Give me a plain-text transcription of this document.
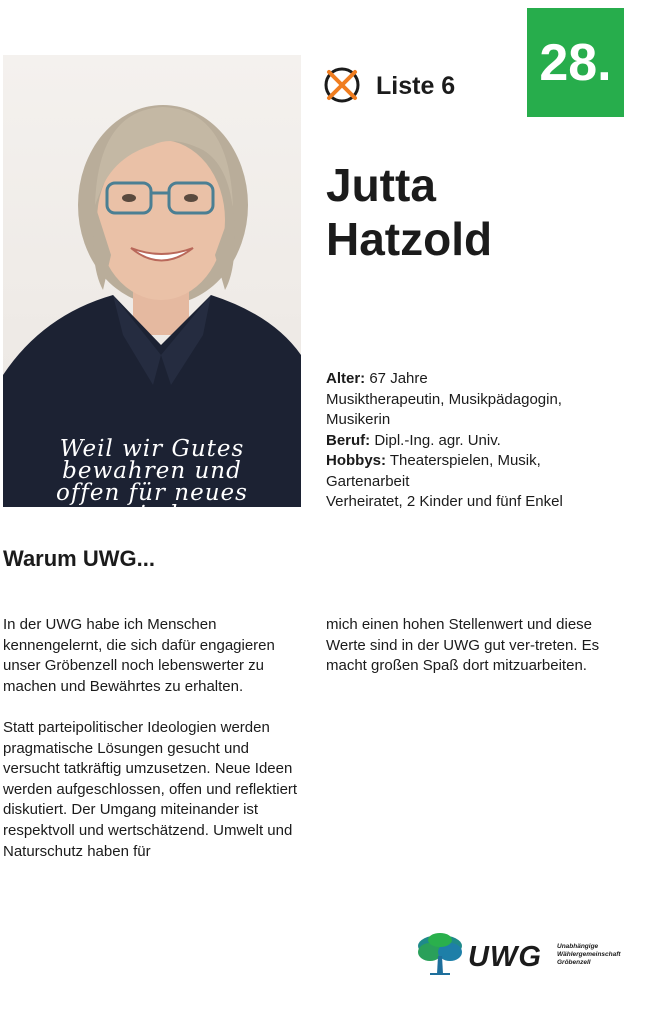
Weil wir Gutes
bewahren und
offen für neues
sind
Liste 6 28.
Jutta
Hatzold
Alter: 67 Jahre
Musiktherapeutin, Musikpädagogin, Musikerin
Beruf: Dipl.-Ing. agr. Univ.
Hobbys: Theaterspielen, Musik, Gartenarbeit
Verheiratet, 2 Kinder und fünf Enkel
Warum UWG...

In der UWG habe ich Menschen kennengelernt, die sich dafür engagieren unser Gröbenzell noch lebenswerter zu machen und Bewährtes zu erhalten.

Statt parteipolitischer Ideologien werden pragmatische Lösungen gesucht und versucht tatkräftig umzusetzen. Neue Ideen werden aufgeschlossen, offen und reflektiert diskutiert. Der Umgang miteinander ist respektvoll und wertschätzend. Umwelt und Naturschutz haben für

mich einen hohen Stellenwert und diese Werte sind in der UWG gut ver-treten. Es macht großen Spaß dort mitzuarbeiten.

UWG Unabhängige
Wählergemeinschaft
Gröbenzell
